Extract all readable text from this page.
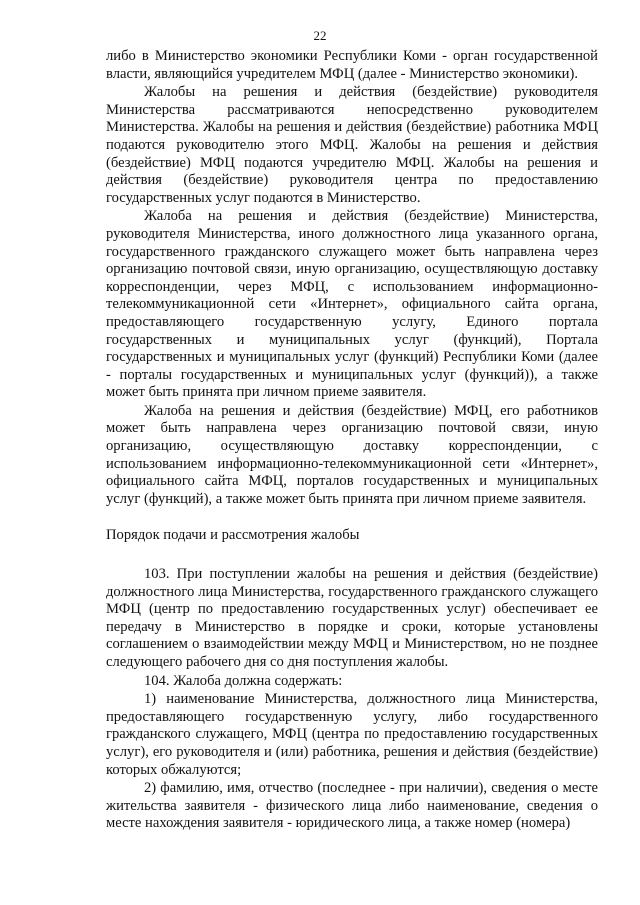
22

либо в Министерство экономики Республики Коми - орган государственной власти, являющийся учредителем МФЦ (далее - Министерство экономики).

Жалобы на решения и действия (бездействие) руководителя Министерства рассматриваются непосредственно руководителем Министерства. Жалобы на решения и действия (бездействие) работника МФЦ подаются руководителю этого МФЦ. Жалобы на решения и действия (бездействие) МФЦ подаются учредителю МФЦ. Жалобы на решения и действия (бездействие) руководителя центра по предоставлению государственных услуг подаются в Министерство.

Жалоба на решения и действия (бездействие) Министерства, руководителя Министерства, иного должностного лица указанного органа, государственного гражданского служащего может быть направлена через организацию почтовой связи, иную организацию, осуществляющую доставку корреспонденции, через МФЦ, с использованием информационно-телекоммуникационной сети «Интернет», официального сайта органа, предоставляющего государственную услугу, Единого портала государственных и муниципальных услуг (функций), Портала государственных и муниципальных услуг (функций) Республики Коми (далее - порталы государственных и муниципальных услуг (функций)), а также может быть принята при личном приеме заявителя.

Жалоба на решения и действия (бездействие) МФЦ, его работников может быть направлена через организацию почтовой связи, иную организацию, осуществляющую доставку корреспонденции, с использованием информационно-телекоммуникационной сети «Интернет», официального сайта МФЦ, порталов государственных и муниципальных услуг (функций), а также может быть принята при личном приеме заявителя.

Порядок подачи и рассмотрения жалобы

103. При поступлении жалобы на решения и действия (бездействие) должностного лица Министерства, государственного гражданского служащего МФЦ (центр по предоставлению государственных услуг) обеспечивает ее передачу в Министерство в порядке и сроки, которые установлены соглашением о взаимодействии между МФЦ и Министерством, но не позднее следующего рабочего дня со дня поступления жалобы.

104. Жалоба должна содержать:

1) наименование Министерства, должностного лица Министерства, предоставляющего государственную услугу, либо государственного гражданского служащего, МФЦ (центра по предоставлению государственных услуг), его руководителя и (или) работника, решения и действия (бездействие) которых обжалуются;

2) фамилию, имя, отчество (последнее - при наличии), сведения о месте жительства заявителя - физического лица либо наименование, сведения о месте нахождения заявителя - юридического лица, а также номер (номера)
